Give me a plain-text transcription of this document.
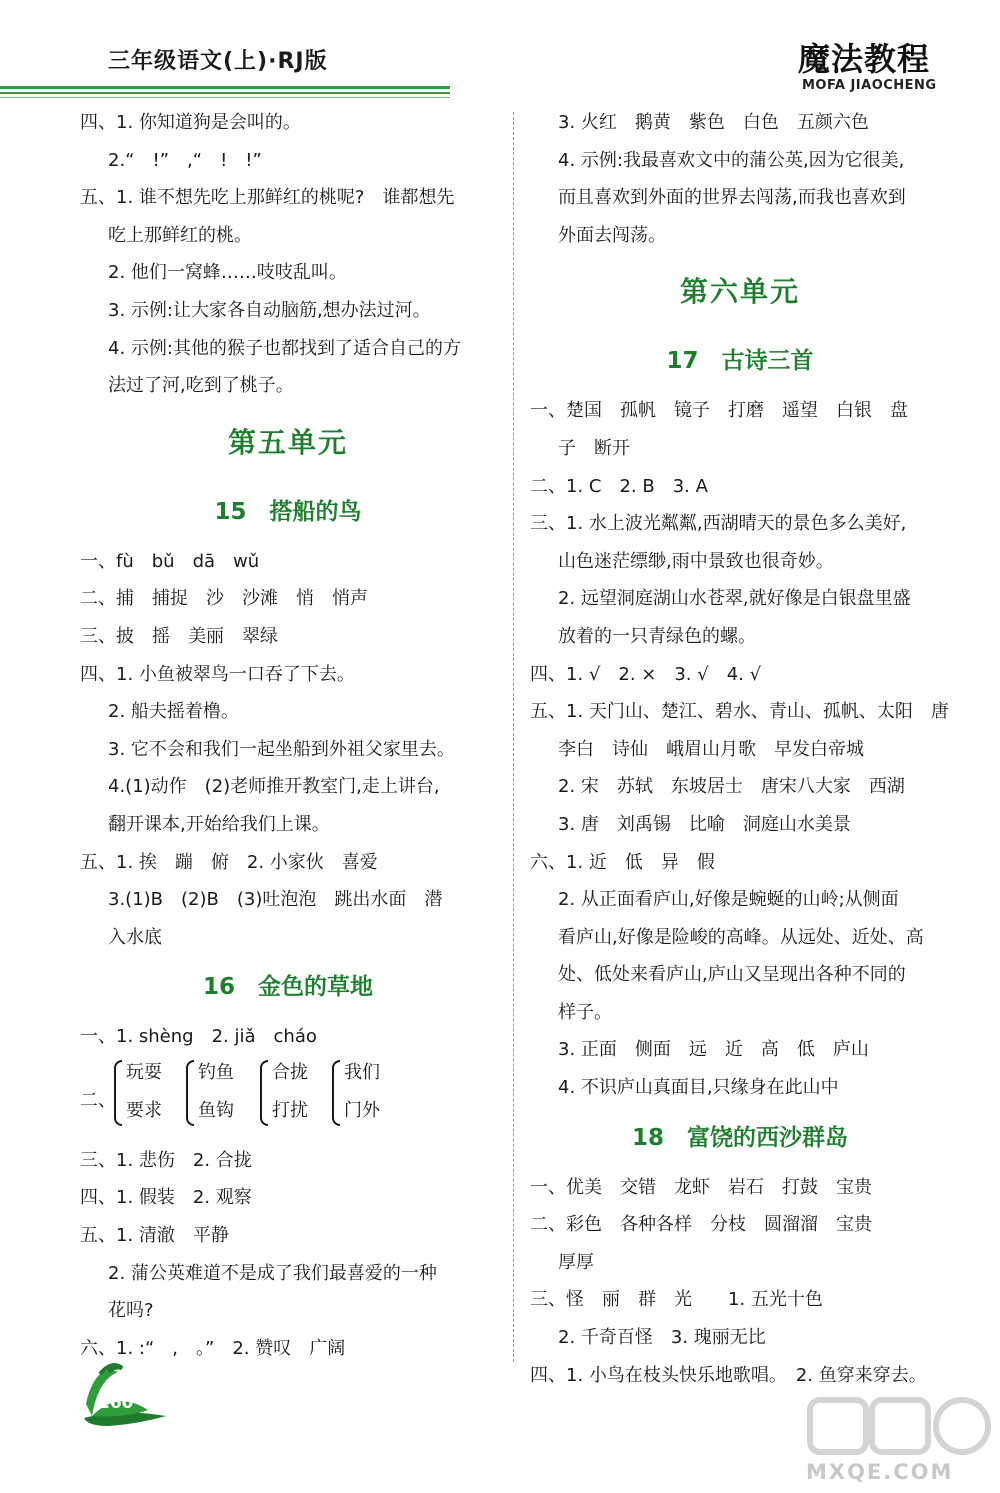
三年级语文(上)·RJ版	魔法教程
MOFA JIAOCHENG
四、1. 你知道狗是会叫的。
2.“　!”　,“　!　!”
五、1. 谁不想先吃上那鲜红的桃呢?　谁都想先
吃上那鲜红的桃。
2. 他们一窝蜂……吱吱乱叫。
3. 示例:让大家各自动脑筋,想办法过河。
4. 示例:其他的猴子也都找到了适合自己的方
法过了河,吃到了桃子。
第五单元
15　搭船的鸟
一、fù　bǔ　dā　wǔ
二、捕　捕捉　沙　沙滩　悄　悄声
三、披　摇　美丽　翠绿
四、1. 小鱼被翠鸟一口吞了下去。
2. 船夫摇着橹。
3. 它不会和我们一起坐船到外祖父家里去。
4.(1)动作　(2)老师推开教室门,走上讲台,
翻开课本,开始给我们上课。
五、1. 挨　蹦　俯　2. 小家伙　喜爱
3.(1)B　(2)B　(3)吐泡泡　跳出水面　潜
入水底
16　金色的草地
一、1. shèng　2. jiǎ　cháo
二、
玩耍
要求
钓鱼
鱼钩
合拢
打扰
我们
门外
三、1. 悲伤　2. 合拢
四、1. 假装　2. 观察
五、1. 清澈　平静
2. 蒲公英难道不是成了我们最喜爱的一种
花吗?
六、1. :“　,　。”　2. 赞叹　广阔
3. 火红　鹅黄　紫色　白色　五颜六色
4. 示例:我最喜欢文中的蒲公英,因为它很美,
而且喜欢到外面的世界去闯荡,而我也喜欢到
外面去闯荡。
第六单元
17　古诗三首
一、楚国　孤帆　镜子　打磨　遥望　白银　盘
子　断开
二、1. C　2. B　3. A
三、1. 水上波光粼粼,西湖晴天的景色多么美好,
山色迷茫缥缈,雨中景致也很奇妙。
2. 远望洞庭湖山水苍翠,就好像是白银盘里盛
放着的一只青绿色的螺。
四、1. √　2. ×　3. √　4. √
五、1. 天门山、楚江、碧水、青山、孤帆、太阳　唐
李白　诗仙　峨眉山月歌　早发白帝城
2. 宋　苏轼　东坡居士　唐宋八大家　西湖
3. 唐　刘禹锡　比喻　洞庭山水美景
六、1. 近　低　异　假
2. 从正面看庐山,好像是蜿蜒的山岭;从侧面
看庐山,好像是险峻的高峰。从远处、近处、高
处、低处来看庐山,庐山又呈现出各种不同的
样子。
3. 正面　侧面　远　近　高　低　庐山
4. 不识庐山真面目,只缘身在此山中
18　富饶的西沙群岛
一、优美　交错　龙虾　岩石　打鼓　宝贵
二、彩色　各种各样　分枝　圆溜溜　宝贵
厚厚
三、怪　丽　群　光　　1. 五光十色
2. 千奇百怪　3. 瑰丽无比
四、1. 小鸟在枝头快乐地歌唱。　2. 鱼穿来穿去。
260
MXQE.COM
